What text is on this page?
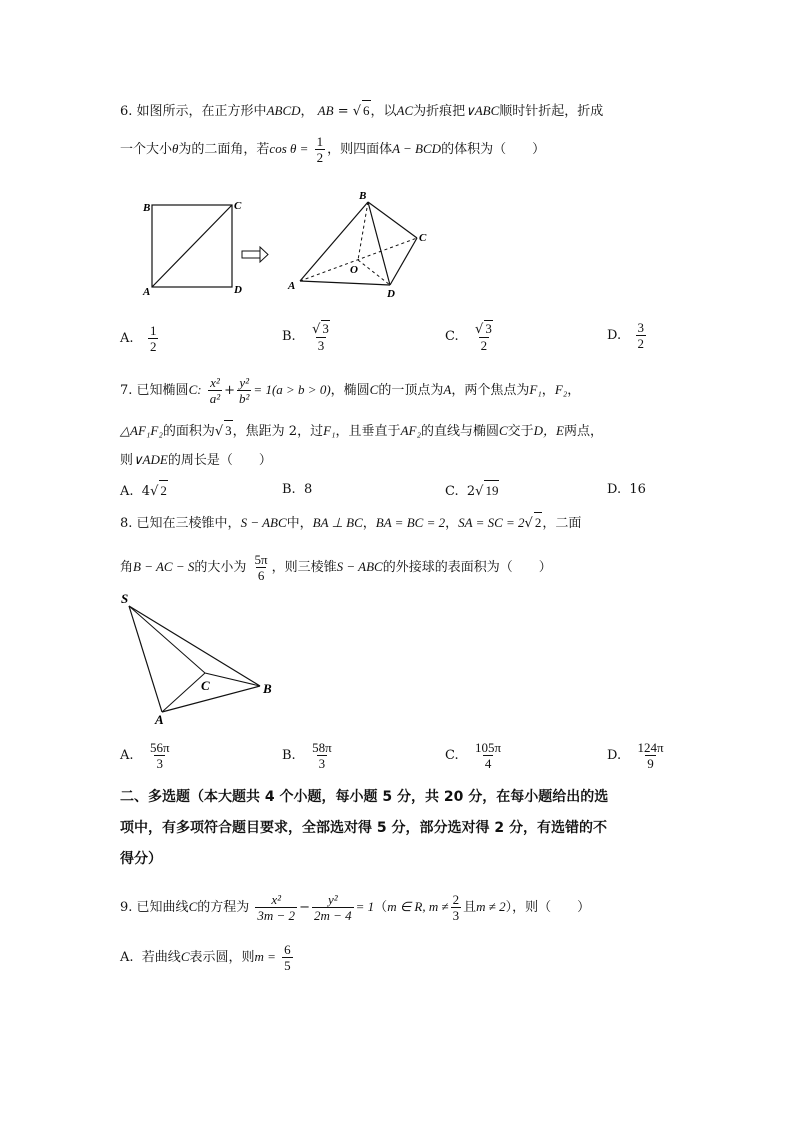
6. 如图所示，在正方形中ABCD， AB = √ 6，以AC为折痕把∨ABC顺时针折起，折成
一个大小θ为的二面角，若$\cos \theta = \frac{1}{2}$ ，则四面体A − BCD的体积为（　　）
B	C
A	D
B
C
O
A
D
A. $\frac{1}{2}$	B. $\frac{√ 3}{3}$	C. $\frac{√ 3}{2}$	D. $\frac{3}{2}$
7. 已知椭圆C: $\frac{\text{x²}}{\text{a²}} + \frac{\text{y²}}{\text{b²}} = 1(a > b > 0)$，椭圆C的一顶点为A，两个焦点为F₁，F₂，
△AF₁F₂的面积为√ 3，焦距为 2，过F₁，且垂直于AF₂的直线与椭圆C交于D，E两点，
则∨ADE的周长是（　　）
A. 4√ 2	B. 8	C. 2√ 19	D. 16
8. 已知在三棱锥中，S − ABC中，BA ⊥ BC，BA = BC = 2，SA = SC = 2√ 2，二面
角B − AC − S的大小为 $\frac{5\pi}{6}$ ，则三棱锥S − ABC的外接球的表面积为（　　）
S
C	B
A
A. $\frac{56\pi}{3}$	B. $\frac{58\pi}{3}$	C. $\frac{105\pi}{4}$	D. $\frac{124\pi}{9}$
二、多选题（本大题共 4 个小题，每小题 5 分，共 20 分，在每小题给出的选
项中，有多项符合题目要求，全部选对得 5 分，部分选对得 2 分，有选错的不
得分）
9. 已知曲线C的方程为 $\frac{\text{x²}}{3m - 2} - \frac{\text{y²}}{2m - 4} = 1(m$ ∈ R, $m \ne \frac{2}{3}$ 且m ≠ 2），则（　　）
A. 若曲线C表示圆，则$m = \frac{6}{5}$
